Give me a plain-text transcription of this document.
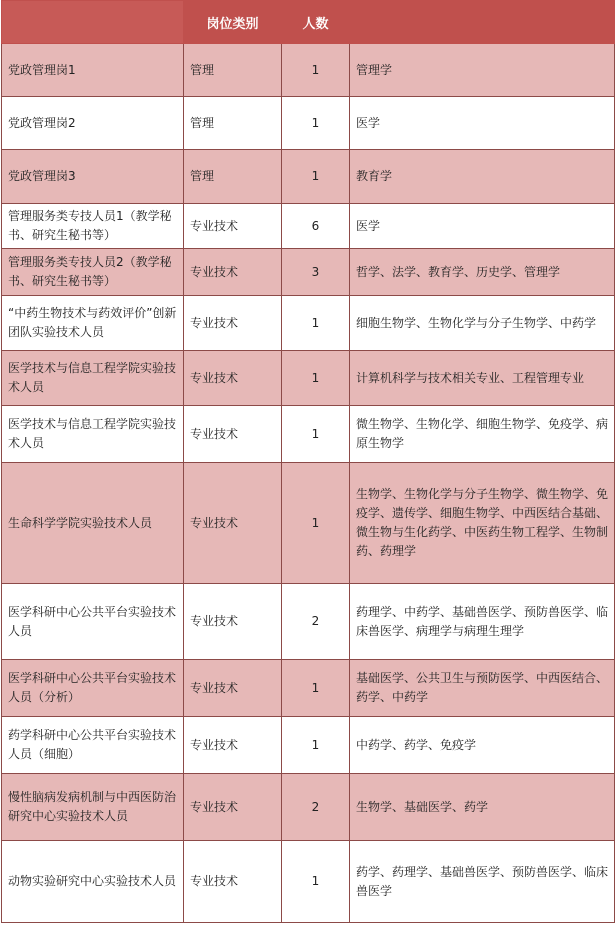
	岗位类别	人数	
党政管理岗1	管理	1	管理学
党政管理岗2	管理	1	医学
党政管理岗3	管理	1	教育学
管理服务类专技人员1（教学秘书、研究生秘书等）	专业技术	6	医学
管理服务类专技人员2（教学秘书、研究生秘书等）	专业技术	3	哲学、法学、教育学、历史学、管理学
“中药生物技术与药效评价”创新团队实验技术人员	专业技术	1	细胞生物学、生物化学与分子生物学、中药学
医学技术与信息工程学院实验技术人员	专业技术	1	计算机科学与技术相关专业、工程管理专业
医学技术与信息工程学院实验技术人员	专业技术	1	微生物学、生物化学、细胞生物学、免疫学、病原生物学
生命科学学院实验技术人员	专业技术	1	生物学、生物化学与分子生物学、微生物学、免疫学、遗传学、细胞生物学、中西医结合基础、微生物与生化药学、中医药生物工程学、生物制药、药理学
医学科研中心公共平台实验技术人员	专业技术	2	药理学、中药学、基础兽医学、预防兽医学、临床兽医学、病理学与病理生理学
医学科研中心公共平台实验技术人员（分析）	专业技术	1	基础医学、公共卫生与预防医学、中西医结合、药学、中药学
药学科研中心公共平台实验技术人员（细胞）	专业技术	1	中药学、药学、免疫学
慢性脑病发病机制与中西医防治研究中心实验技术人员	专业技术	2	生物学、基础医学、药学
动物实验研究中心实验技术人员	专业技术	1	药学、药理学、基础兽医学、预防兽医学、临床兽医学
